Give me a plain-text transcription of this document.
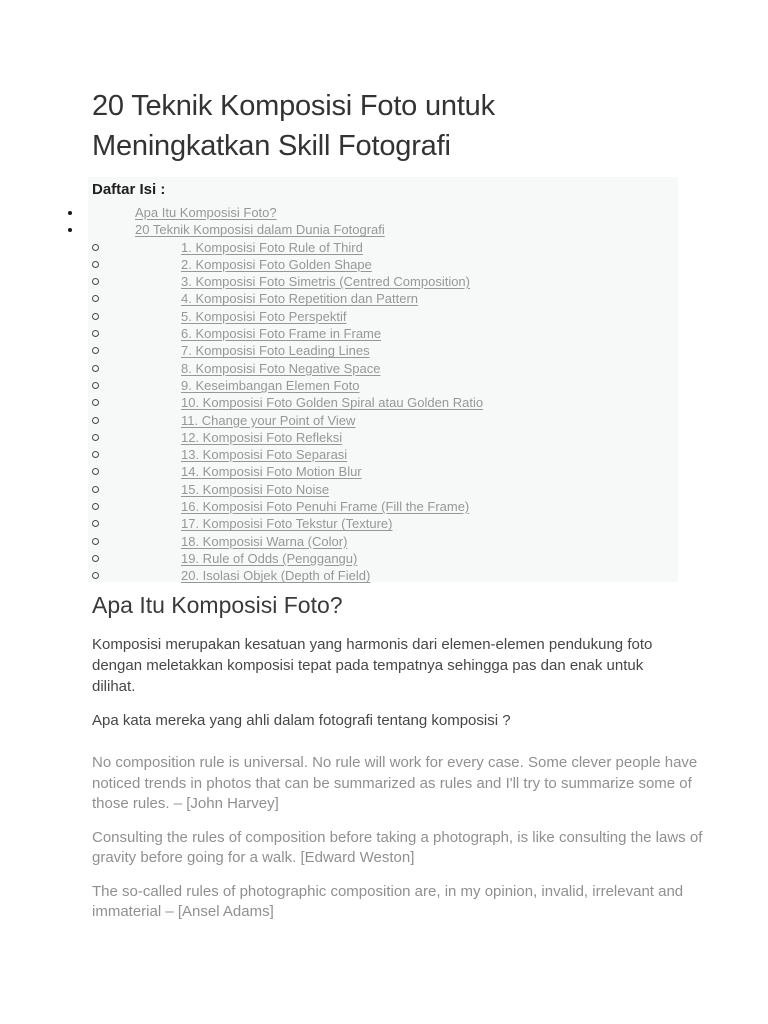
20 Teknik Komposisi Foto untuk Meningkatkan Skill Fotografi
Daftar Isi :
Apa Itu Komposisi Foto?
20 Teknik Komposisi dalam Dunia Fotografi
1. Komposisi Foto Rule of Third
2. Komposisi Foto Golden Shape
3. Komposisi Foto Simetris (Centred Composition)
4. Komposisi Foto Repetition dan Pattern
5. Komposisi Foto Perspektif
6. Komposisi Foto Frame in Frame
7. Komposisi Foto Leading Lines
8. Komposisi Foto Negative Space
9. Keseimbangan Elemen Foto
10. Komposisi Foto Golden Spiral atau Golden Ratio
11. Change your Point of View
12. Komposisi Foto Refleksi
13. Komposisi Foto Separasi
14. Komposisi Foto Motion Blur
15. Komposisi Foto Noise
16. Komposisi Foto Penuhi Frame (Fill the Frame)
17. Komposisi Foto Tekstur (Texture)
18. Komposisi Warna (Color)
19. Rule of Odds (Penggangu)
20. Isolasi Objek (Depth of Field)
Apa Itu Komposisi Foto?

Komposisi merupakan kesatuan yang harmonis dari elemen-elemen pendukung foto dengan meletakkan komposisi tepat pada tempatnya sehingga pas dan enak untuk dilihat.

Apa kata mereka yang ahli dalam fotografi tentang komposisi ?

No composition rule is universal. No rule will work for every case. Some clever people have noticed trends in photos that can be summarized as rules and I'll try to summarize some of those rules. – [John Harvey]

Consulting the rules of composition before taking a photograph, is like consulting the laws of gravity before going for a walk. [Edward Weston]

The so-called rules of photographic composition are, in my opinion, invalid, irrelevant and immaterial – [Ansel Adams]
